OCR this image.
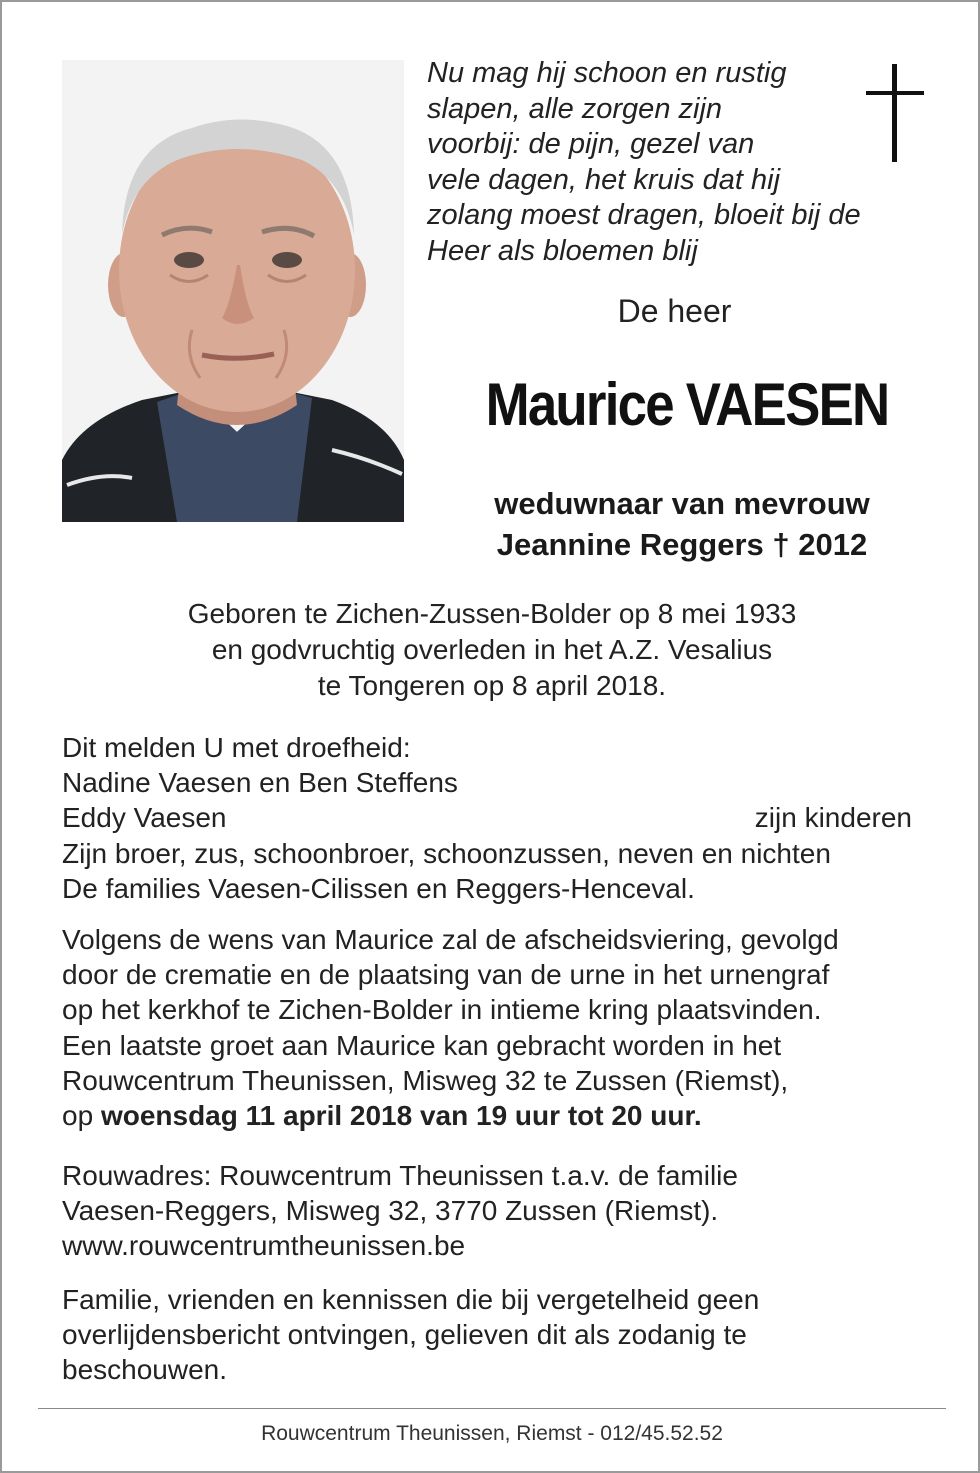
Nu mag hij schoon en rustig
slapen, alle zorgen zijn
voorbij: de pijn, gezel van
vele dagen, het kruis dat hij
zolang moest dragen, bloeit bij de
Heer als bloemen blij
De heer
Maurice VAESEN
weduwnaar van mevrouw
Jeannine Reggers † 2012
Geboren te Zichen-Zussen-Bolder op 8 mei 1933
en godvruchtig overleden in het A.Z. Vesalius
te Tongeren op 8 april 2018.
Dit melden U met droefheid:
Nadine Vaesen en Ben Steffens
Eddy Vaesen	zijn kinderen
Zijn broer, zus, schoonbroer, schoonzussen, neven en nichten
De families Vaesen-Cilissen en Reggers-Henceval.
Volgens de wens van Maurice zal de afscheidsviering, gevolgd
door de crematie en de plaatsing van de urne in het urnengraf
op het kerkhof te Zichen-Bolder in intieme kring plaatsvinden.
Een laatste groet aan Maurice kan gebracht worden in het
Rouwcentrum Theunissen, Misweg 32 te Zussen (Riemst),
op woensdag 11 april 2018 van 19 uur tot 20 uur.
Rouwadres: Rouwcentrum Theunissen t.a.v. de familie
Vaesen-Reggers, Misweg 32, 3770 Zussen (Riemst).
www.rouwcentrumtheunissen.be
Familie, vrienden en kennissen die bij vergetelheid geen
overlijdensbericht ontvingen, gelieven dit als zodanig te
beschouwen.
Rouwcentrum Theunissen, Riemst - 012/45.52.52
